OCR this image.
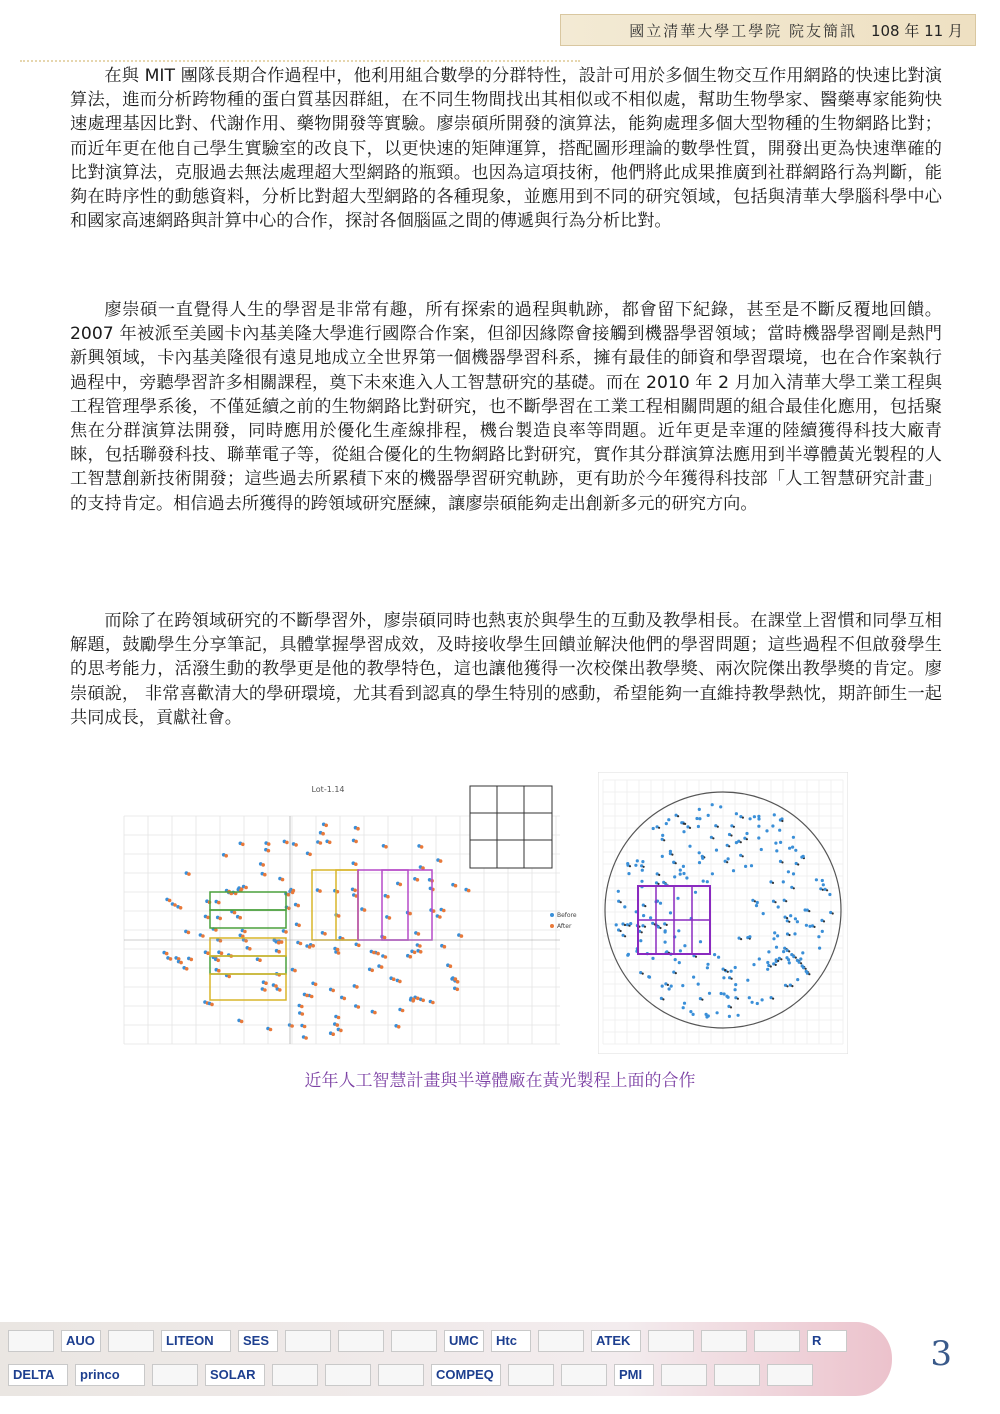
國立清華大學工學院 院友簡訊 108 年 11 月

在與 MIT 團隊長期合作過程中，他利用組合數學的分群特性，設計可用於多個生物交互作用網路的快速比對演算法，進而分析跨物種的蛋白質基因群組，在不同生物間找出其相似或不相似處，幫助生物學家、醫藥專家能夠快速處理基因比對、代謝作用、藥物開發等實驗。廖崇碩所開發的演算法，能夠處理多個大型物種的生物網路比對；而近年更在他自己學生實驗室的改良下，以更快速的矩陣運算，搭配圖形理論的數學性質，開發出更為快速準確的比對演算法，克服過去無法處理超大型網路的瓶頸。也因為這項技術，他們將此成果推廣到社群網路行為判斷，能夠在時序性的動態資料，分析比對超大型網路的各種現象，並應用到不同的研究領域，包括與清華大學腦科學中心和國家高速網路與計算中心的合作，探討各個腦區之間的傳遞與行為分析比對。

廖崇碩一直覺得人生的學習是非常有趣，所有探索的過程與軌跡，都會留下紀錄，甚至是不斷反覆地回饋。2007 年被派至美國卡內基美隆大學進行國際合作案，但卻因緣際會接觸到機器學習領域；當時機器學習剛是熱門新興領域，卡內基美隆很有遠見地成立全世界第一個機器學習科系，擁有最佳的師資和學習環境，也在合作案執行過程中，旁聽學習許多相關課程，奠下未來進入人工智慧研究的基礎。而在 2010 年 2 月加入清華大學工業工程與工程管理學系後，不僅延續之前的生物網路比對研究，也不斷學習在工業工程相關問題的組合最佳化應用，包括聚焦在分群演算法開發，同時應用於優化生產線排程，機台製造良率等問題。近年更是幸運的陸續獲得科技大廠青睞，包括聯發科技、聯華電子等，從組合優化的生物網路比對研究，實作其分群演算法應用到半導體黃光製程的人工智慧創新技術開發；這些過去所累積下來的機器學習研究軌跡，更有助於今年獲得科技部「人工智慧研究計畫」的支持肯定。相信過去所獲得的跨領域研究歷練，讓廖崇碩能夠走出創新多元的研究方向。

而除了在跨領域研究的不斷學習外，廖崇碩同時也熱衷於與學生的互動及教學相長。在課堂上習慣和同學互相解題，鼓勵學生分享筆記，具體掌握學習成效，及時接收學生回饋並解決他們的學習問題；這些過程不但啟發學生的思考能力，活潑生動的教學更是他的教學特色，這也讓他獲得一次校傑出教學獎、兩次院傑出教學獎的肯定。廖崇碩說， 非常喜歡清大的學研環境，尤其看到認真的學生特別的感動，希望能夠一直維持教學熱忱，期許師生一起共同成長，貢獻社會。

Lot-1.14
Before
After
近年人工智慧計畫與半導體廠在黃光製程上面的合作
AUO	LITEON	SES	UMC	Htc	ATEK	R
DELTA	princo	SOLAR	COMPEQ	PMI
3
